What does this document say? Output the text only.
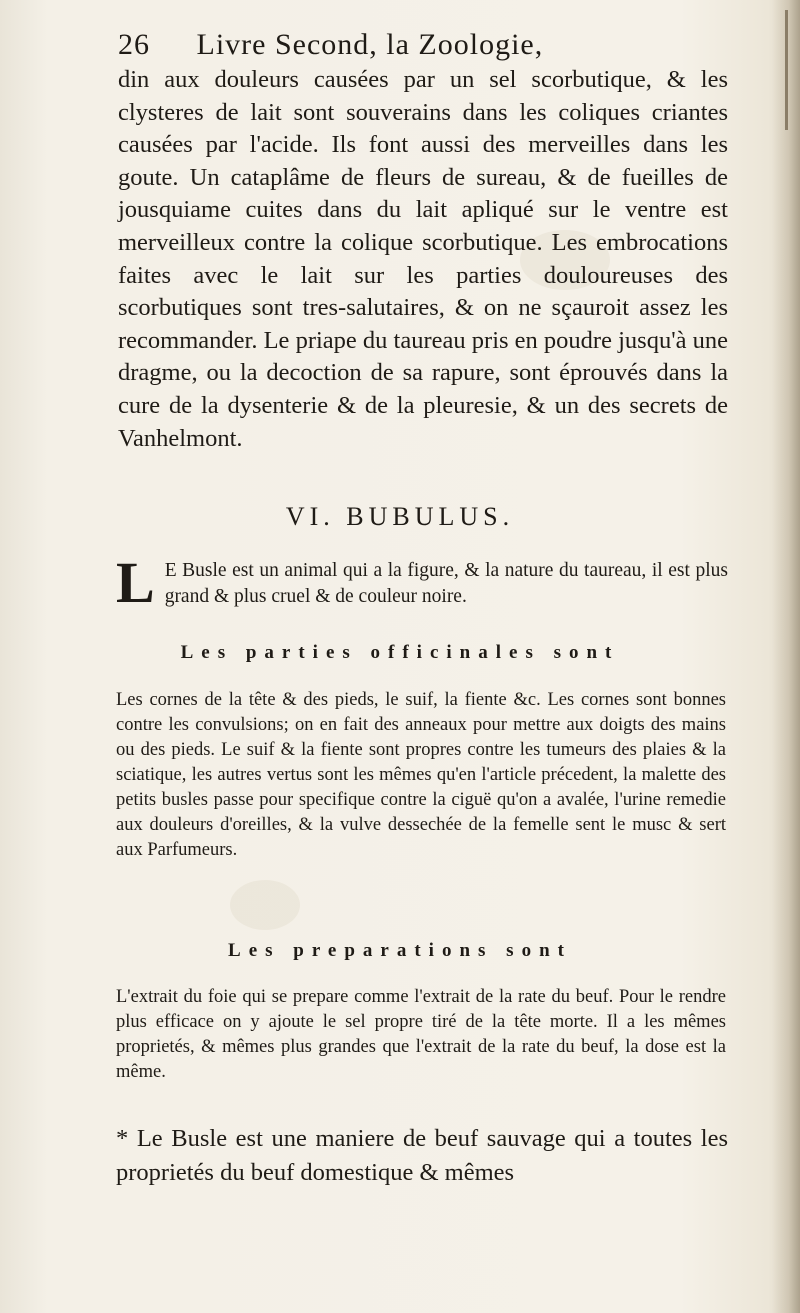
26 Livre Second, la Zoologie,

din aux douleurs causées par un sel scorbutique, & les clysteres de lait sont souverains dans les coliques criantes causées par l'acide. Ils font aussi des merveilles dans les goute. Un cataplâme de fleurs de sureau, & de fueilles de jousquiame cuites dans du lait apliqué sur le ventre est merveilleux contre la colique scorbutique. Les embrocations faites avec le lait sur les parties douloureuses des scorbutiques sont tres-salutaires, & on ne sçauroit assez les recommander. Le priape du taureau pris en poudre jusqu'à une dragme, ou la decoction de sa rapure, sont éprouvés dans la cure de la dysenterie & de la pleuresie, & un des secrets de Vanhelmont.

VI. BUBULUS.
L E Busle est un animal qui a la figure, & la nature du taureau, il est plus grand & plus cruel & de couleur noire.

Les parties officinales sont

Les cornes de la tête & des pieds, le suif, la fiente &c. Les cornes sont bonnes contre les convulsions; on en fait des anneaux pour mettre aux doigts des mains ou des pieds. Le suif & la fiente sont propres contre les tumeurs des plaies & la sciatique, les autres vertus sont les mêmes qu'en l'article précedent, la malette des petits busles passe pour specifique contre la ciguë qu'on a avalée, l'urine remedie aux douleurs d'oreilles, & la vulve dessechée de la femelle sent le musc & sert aux Parfumeurs.

Les preparations sont

L'extrait du foie qui se prepare comme l'extrait de la rate du beuf. Pour le rendre plus efficace on y ajoute le sel propre tiré de la tête morte. Il a les mêmes proprietés, & mêmes plus grandes que l'extrait de la rate du beuf, la dose est la même.

* Le Busle est une maniere de beuf sauvage qui a toutes les proprietés du beuf domestique & mêmes
